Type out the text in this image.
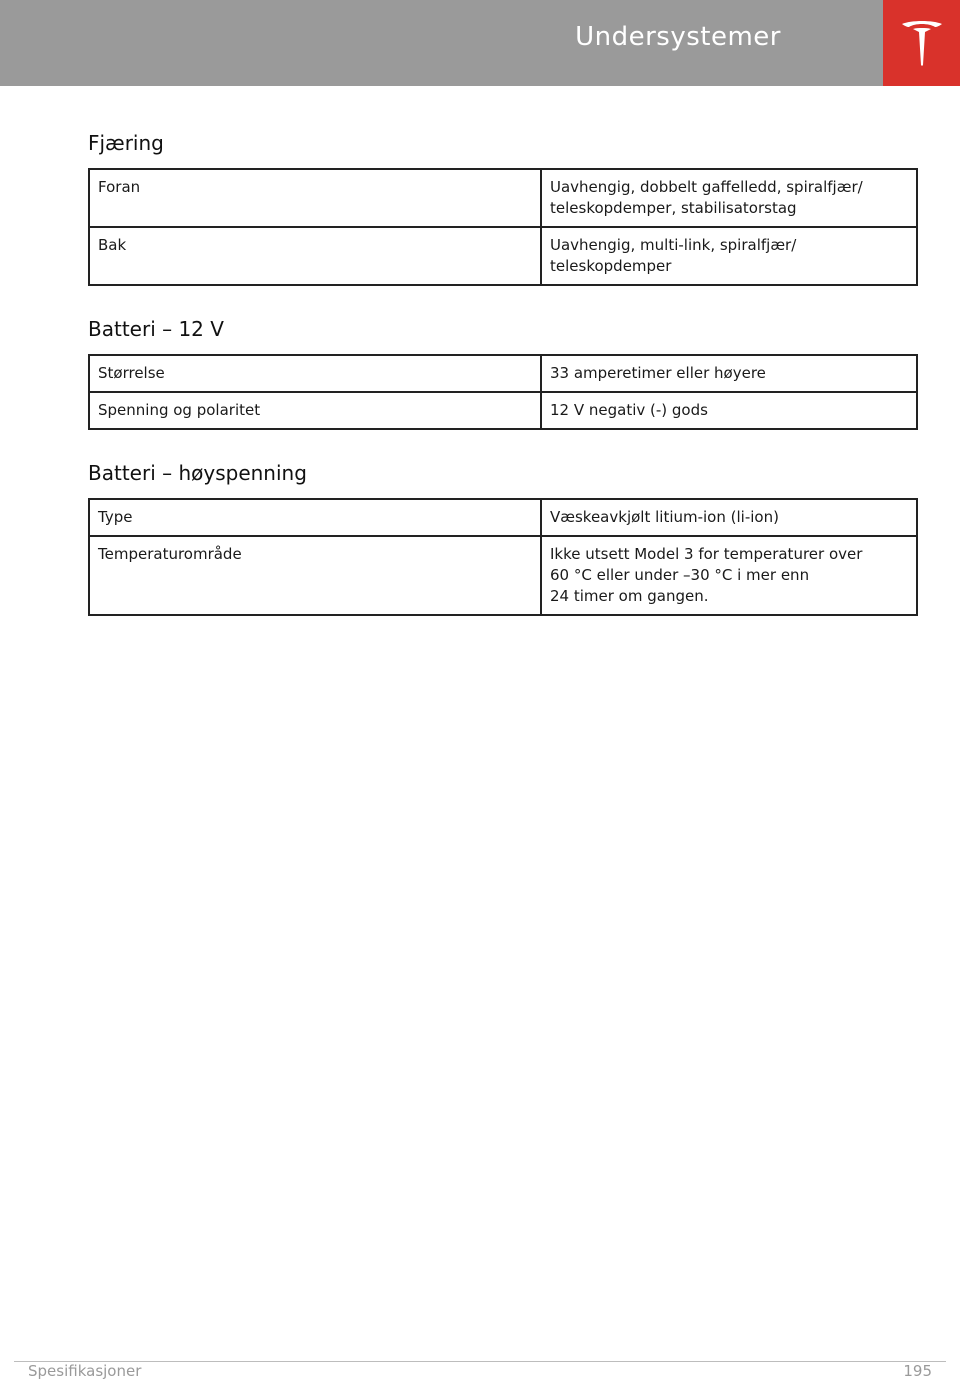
Undersystemer
Fjæring
Foran	Uavhengig, dobbelt gaffelledd, spiralfjær/
teleskopdemper, stabilisatorstag
Bak	Uavhengig, multi-link, spiralfjær/
teleskopdemper
Batteri – 12 V
Størrelse	33 amperetimer eller høyere
Spenning og polaritet	12 V negativ (-) gods
Batteri – høyspenning
Type	Væskeavkjølt litium-ion (li-ion)
Temperaturområde	Ikke utsett Model 3 for temperaturer over
60 °C eller under –30 °C i mer enn
24 timer om gangen.
Spesifikasjoner	195
